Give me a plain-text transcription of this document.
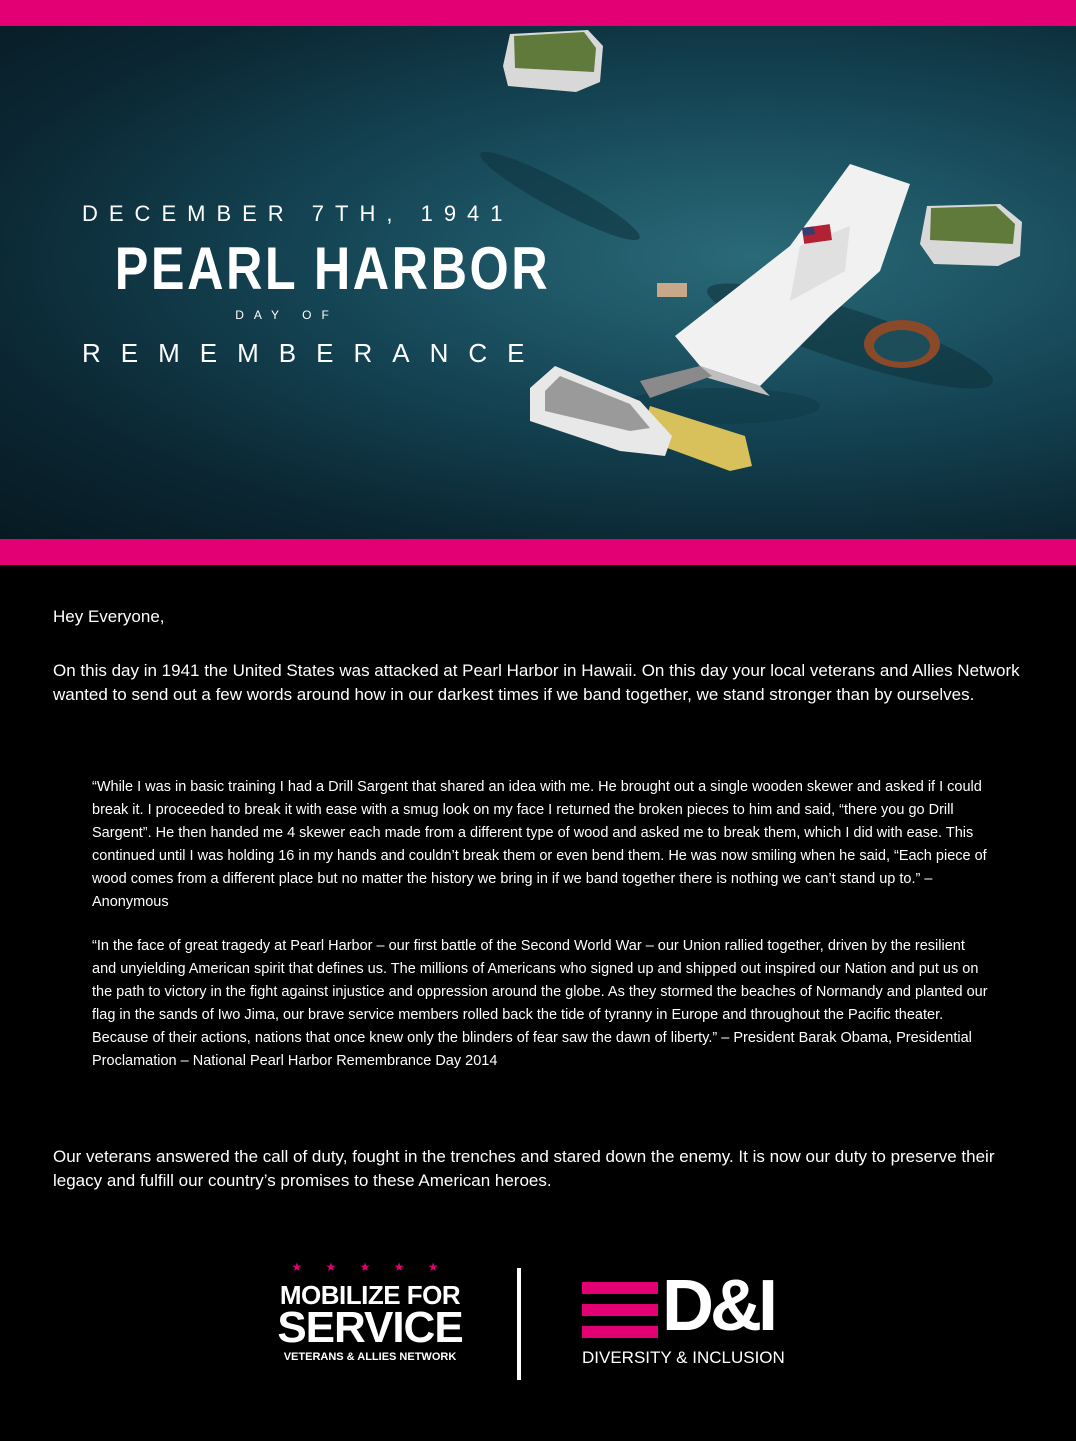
DECEMBER 7TH, 1941
PEARL HARBOR
DAY OF
REMEMBERANCE

Hey Everyone,

On this day in 1941 the United States was attacked at Pearl Harbor in Hawaii. On this day your local veterans and Allies Network wanted to send out a few words around how in our darkest times if we band together, we stand stronger than by ourselves.

“While I was in basic training I had a Drill Sargent that shared an idea with me. He brought out a single wooden skewer and asked if I could break it. I proceeded to break it with ease with a smug look on my face I returned the broken pieces to him and said, “there you go Drill Sargent”. He then handed me 4 skewer each made from a different type of wood and asked me to break them, which I did with ease. This continued until I was holding 16 in my hands and couldn’t break them or even bend them. He was now smiling when he said, “Each piece of wood comes from a different place but no matter the history we bring in if we band together there is nothing we can’t stand up to.” – Anonymous

“In the face of great tragedy at Pearl Harbor – our first battle of the Second World War – our Union rallied together, driven by the resilient and unyielding American spirit that defines us. The millions of Americans who signed up and shipped out inspired our Nation and put us on the path to victory in the fight against injustice and oppression around the globe. As they stormed the beaches of Normandy and planted our flag in the sands of Iwo Jima, our brave service members rolled back the tide of tyranny in Europe and throughout the Pacific theater. Because of their actions, nations that once knew only the blinders of fear saw the dawn of liberty.” – President Barak Obama, Presidential Proclamation – National Pearl Harbor Remembrance Day 2014

Our veterans answered the call of duty, fought in the trenches and stared down the enemy. It is now our duty to preserve their legacy and fulfill our country’s promises to these American heroes.

★ ★ ★ ★ ★
MOBILIZE FOR
SERVICE
VETERANS & ALLIES NETWORK
D&I
DIVERSITY & INCLUSION
